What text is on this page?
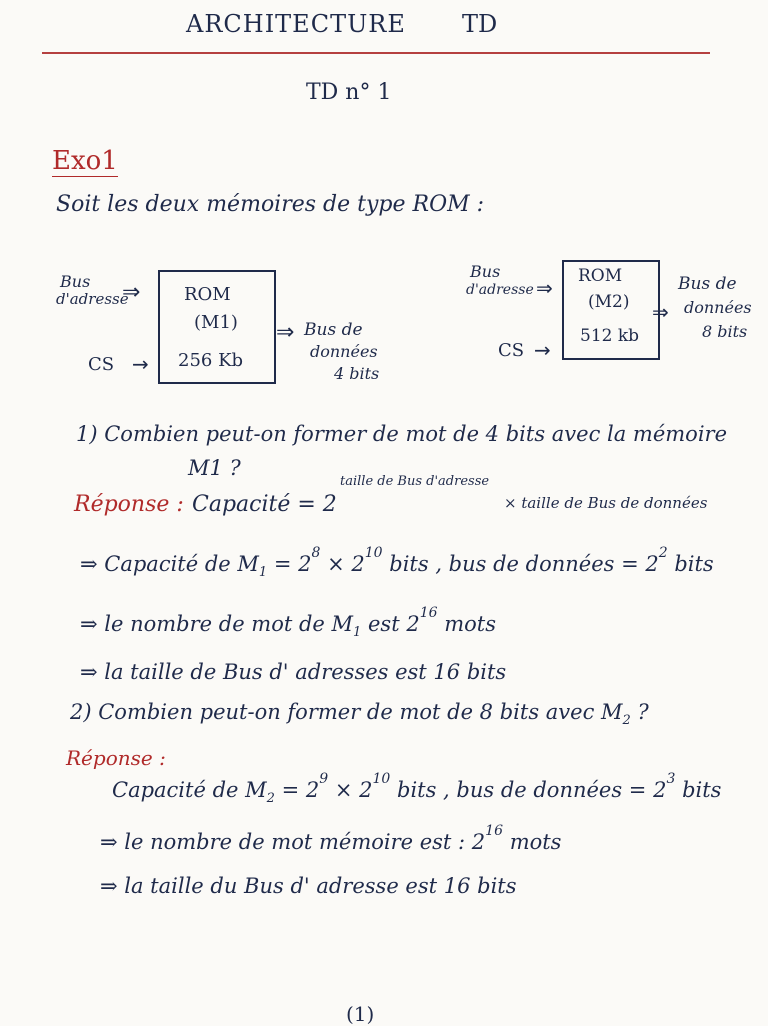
ARCHITECTURE TD
TD n° 1
Exo1
Soit les deux mémoires de type ROM :
Bus
d'adresse
⇒ ROM
(M1)
256 Kb
⇒ Bus de
données
4 bits
CS →
Bus
d'adresse ⇒ ROM
(M2)
512 kb
⇒
Bus de
données
8 bits
CS →
1) Combien peut-on former de mot de 4 bits avec la mémoire
M1 ?
Réponse : Capacité = 2
taille de Bus d'adresse
× taille de Bus de données
⇒ Capacité de $M_1 = 2^8 \times 2^{10}$ bits , bus de données = $2^2$ bits
⇒ le nombre de mot de $M_1$ est $2^{16}$ mots
⇒ la taille de Bus d' adresses est 16 bits
2) Combien peut-on former de mot de 8 bits avec $M_2$ ?
Réponse :
Capacité de $M_2 = 2^9 \times 2^{10}$ bits , bus de données = $2^3$ bits
⇒ le nombre de mot mémoire est : $2^{16}$ mots
⇒ la taille du Bus d' adresse est 16 bits
(1)
